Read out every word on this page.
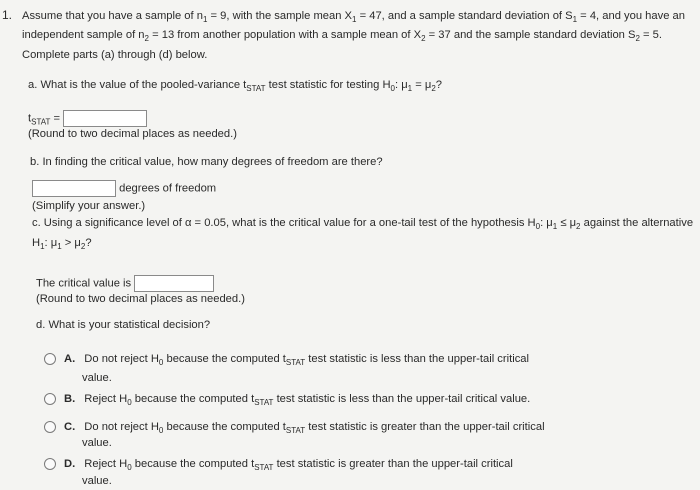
1. Assume that you have a sample of $n_1 = 9$, with the sample mean $X_1 = 47$, and a sample standard deviation of $S_1 = 4$, and you have an
independent sample of $n_2 = 13$ from another population with a sample mean of $X_2 = 37$ and the sample standard deviation $S_2 = 5$.
Complete parts (a) through (d) below.
a. What is the value of the pooled-variance $t_{STAT}$ test statistic for testing $H_0$: $\mu_1 = \mu_2$?
$t_{STAT}$ =
(Round to two decimal places as needed.)
b. In finding the critical value, how many degrees of freedom are there?
degrees of freedom
(Simplify your answer.)
c. Using a significance level of α = 0.05, what is the critical value for a one-tail test of the hypothesis $H_0$: $\mu_1 \le \mu_2$ against the alternative
$H_1$: $\mu_1 > \mu_2$?
The critical value is
(Round to two decimal places as needed.)
d. What is your statistical decision?
A. Do not reject $H_0$ because the computed $t_{STAT}$ test statistic is less than the upper-tail critical
value.
B. Reject $H_0$ because the computed $t_{STAT}$ test statistic is less than the upper-tail critical value.
C. Do not reject $H_0$ because the computed $t_{STAT}$ test statistic is greater than the upper-tail critical
value.
D. Reject $H_0$ because the computed $t_{STAT}$ test statistic is greater than the upper-tail critical
value.
